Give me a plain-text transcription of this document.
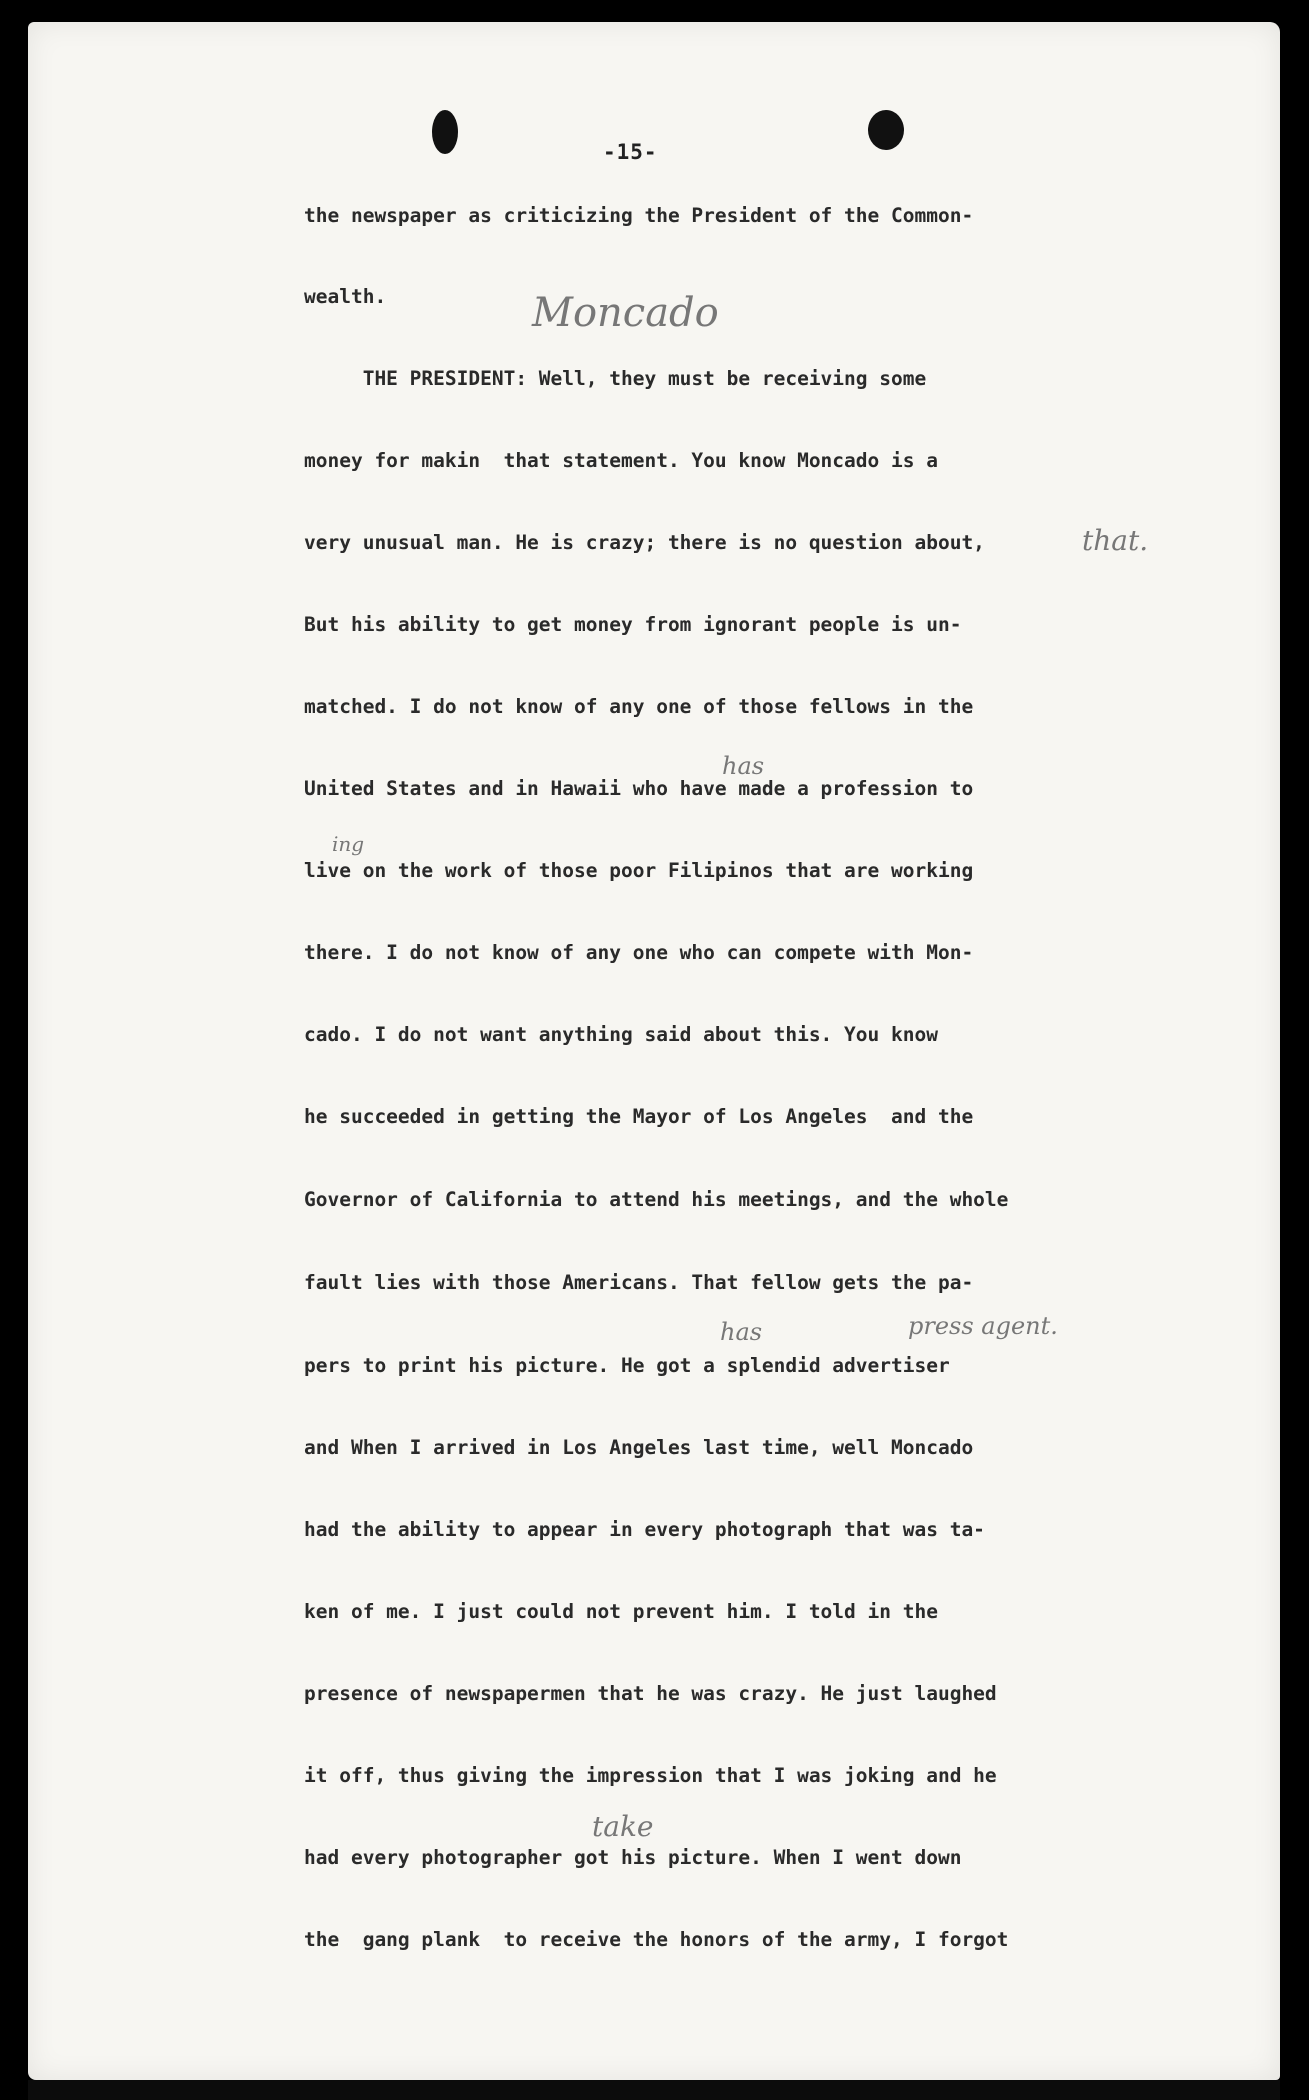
-15-
the newspaper as criticizing the President of the Common-
wealth.
THE PRESIDENT: Well, they must be receiving some
money for makin  that statement. You know Moncado is a
very unusual man. He is crazy; there is no question about,
But his ability to get money from ignorant people is un-
matched. I do not know of any one of those fellows in the
United States and in Hawaii who have made a profession to
live on the work of those poor Filipinos that are working
there. I do not know of any one who can compete with Mon-
cado. I do not want anything said about this. You know
he succeeded in getting the Mayor of Los Angeles  and the
Governor of California to attend his meetings, and the whole
fault lies with those Americans. That fellow gets the pa-
pers to print his picture. He got a splendid advertiser
and When I arrived in Los Angeles last time, well Moncado
had the ability to appear in every photograph that was ta-
ken of me. I just could not prevent him. I told in the
presence of newspapermen that he was crazy. He just laughed
it off, thus giving the impression that I was joking and he
had every photographer got his picture. When I went down
the  gang plank  to receive the honors of the army, I forgot
Moncado
that.
has
ing
has	press agent.
take
